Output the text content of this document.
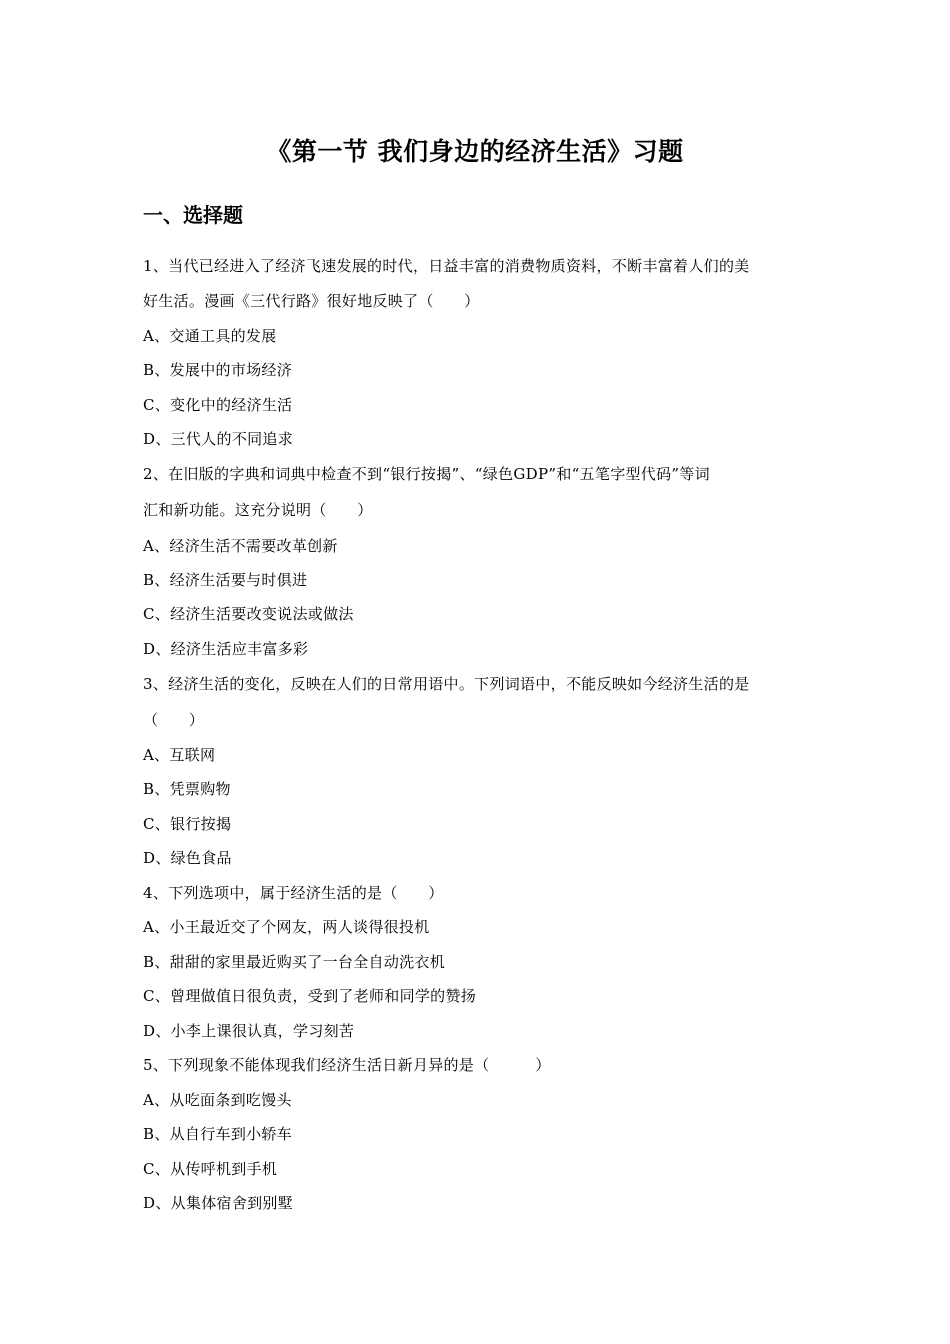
《第一节 我们身边的经济生活》习题
一、选择题
1、当代已经进入了经济飞速发展的时代，日益丰富的消费物质资料，不断丰富着人们的美
好生活。漫画《三代行路》很好地反映了（　　）
A、交通工具的发展
B、发展中的市场经济
C、变化中的经济生活
D、三代人的不同追求
2、在旧版的字典和词典中检查不到“银行按揭”、“绿色GDP”和“五笔字型代码”等词
汇和新功能。这充分说明（　　）
A、经济生活不需要改革创新
B、经济生活要与时俱进
C、经济生活要改变说法或做法
D、经济生活应丰富多彩
3、经济生活的变化，反映在人们的日常用语中。下列词语中，不能反映如今经济生活的是
（　　）
A、互联网
B、凭票购物
C、银行按揭
D、绿色食品
4、下列选项中，属于经济生活的是（　　）
A、小王最近交了个网友，两人谈得很投机
B、甜甜的家里最近购买了一台全自动洗衣机
C、曾理做值日很负责，受到了老师和同学的赞扬
D、小李上课很认真，学习刻苦
5、下列现象不能体现我们经济生活日新月异的是（　　　）
A、从吃面条到吃馒头
B、从自行车到小轿车
C、从传呼机到手机
D、从集体宿舍到别墅
